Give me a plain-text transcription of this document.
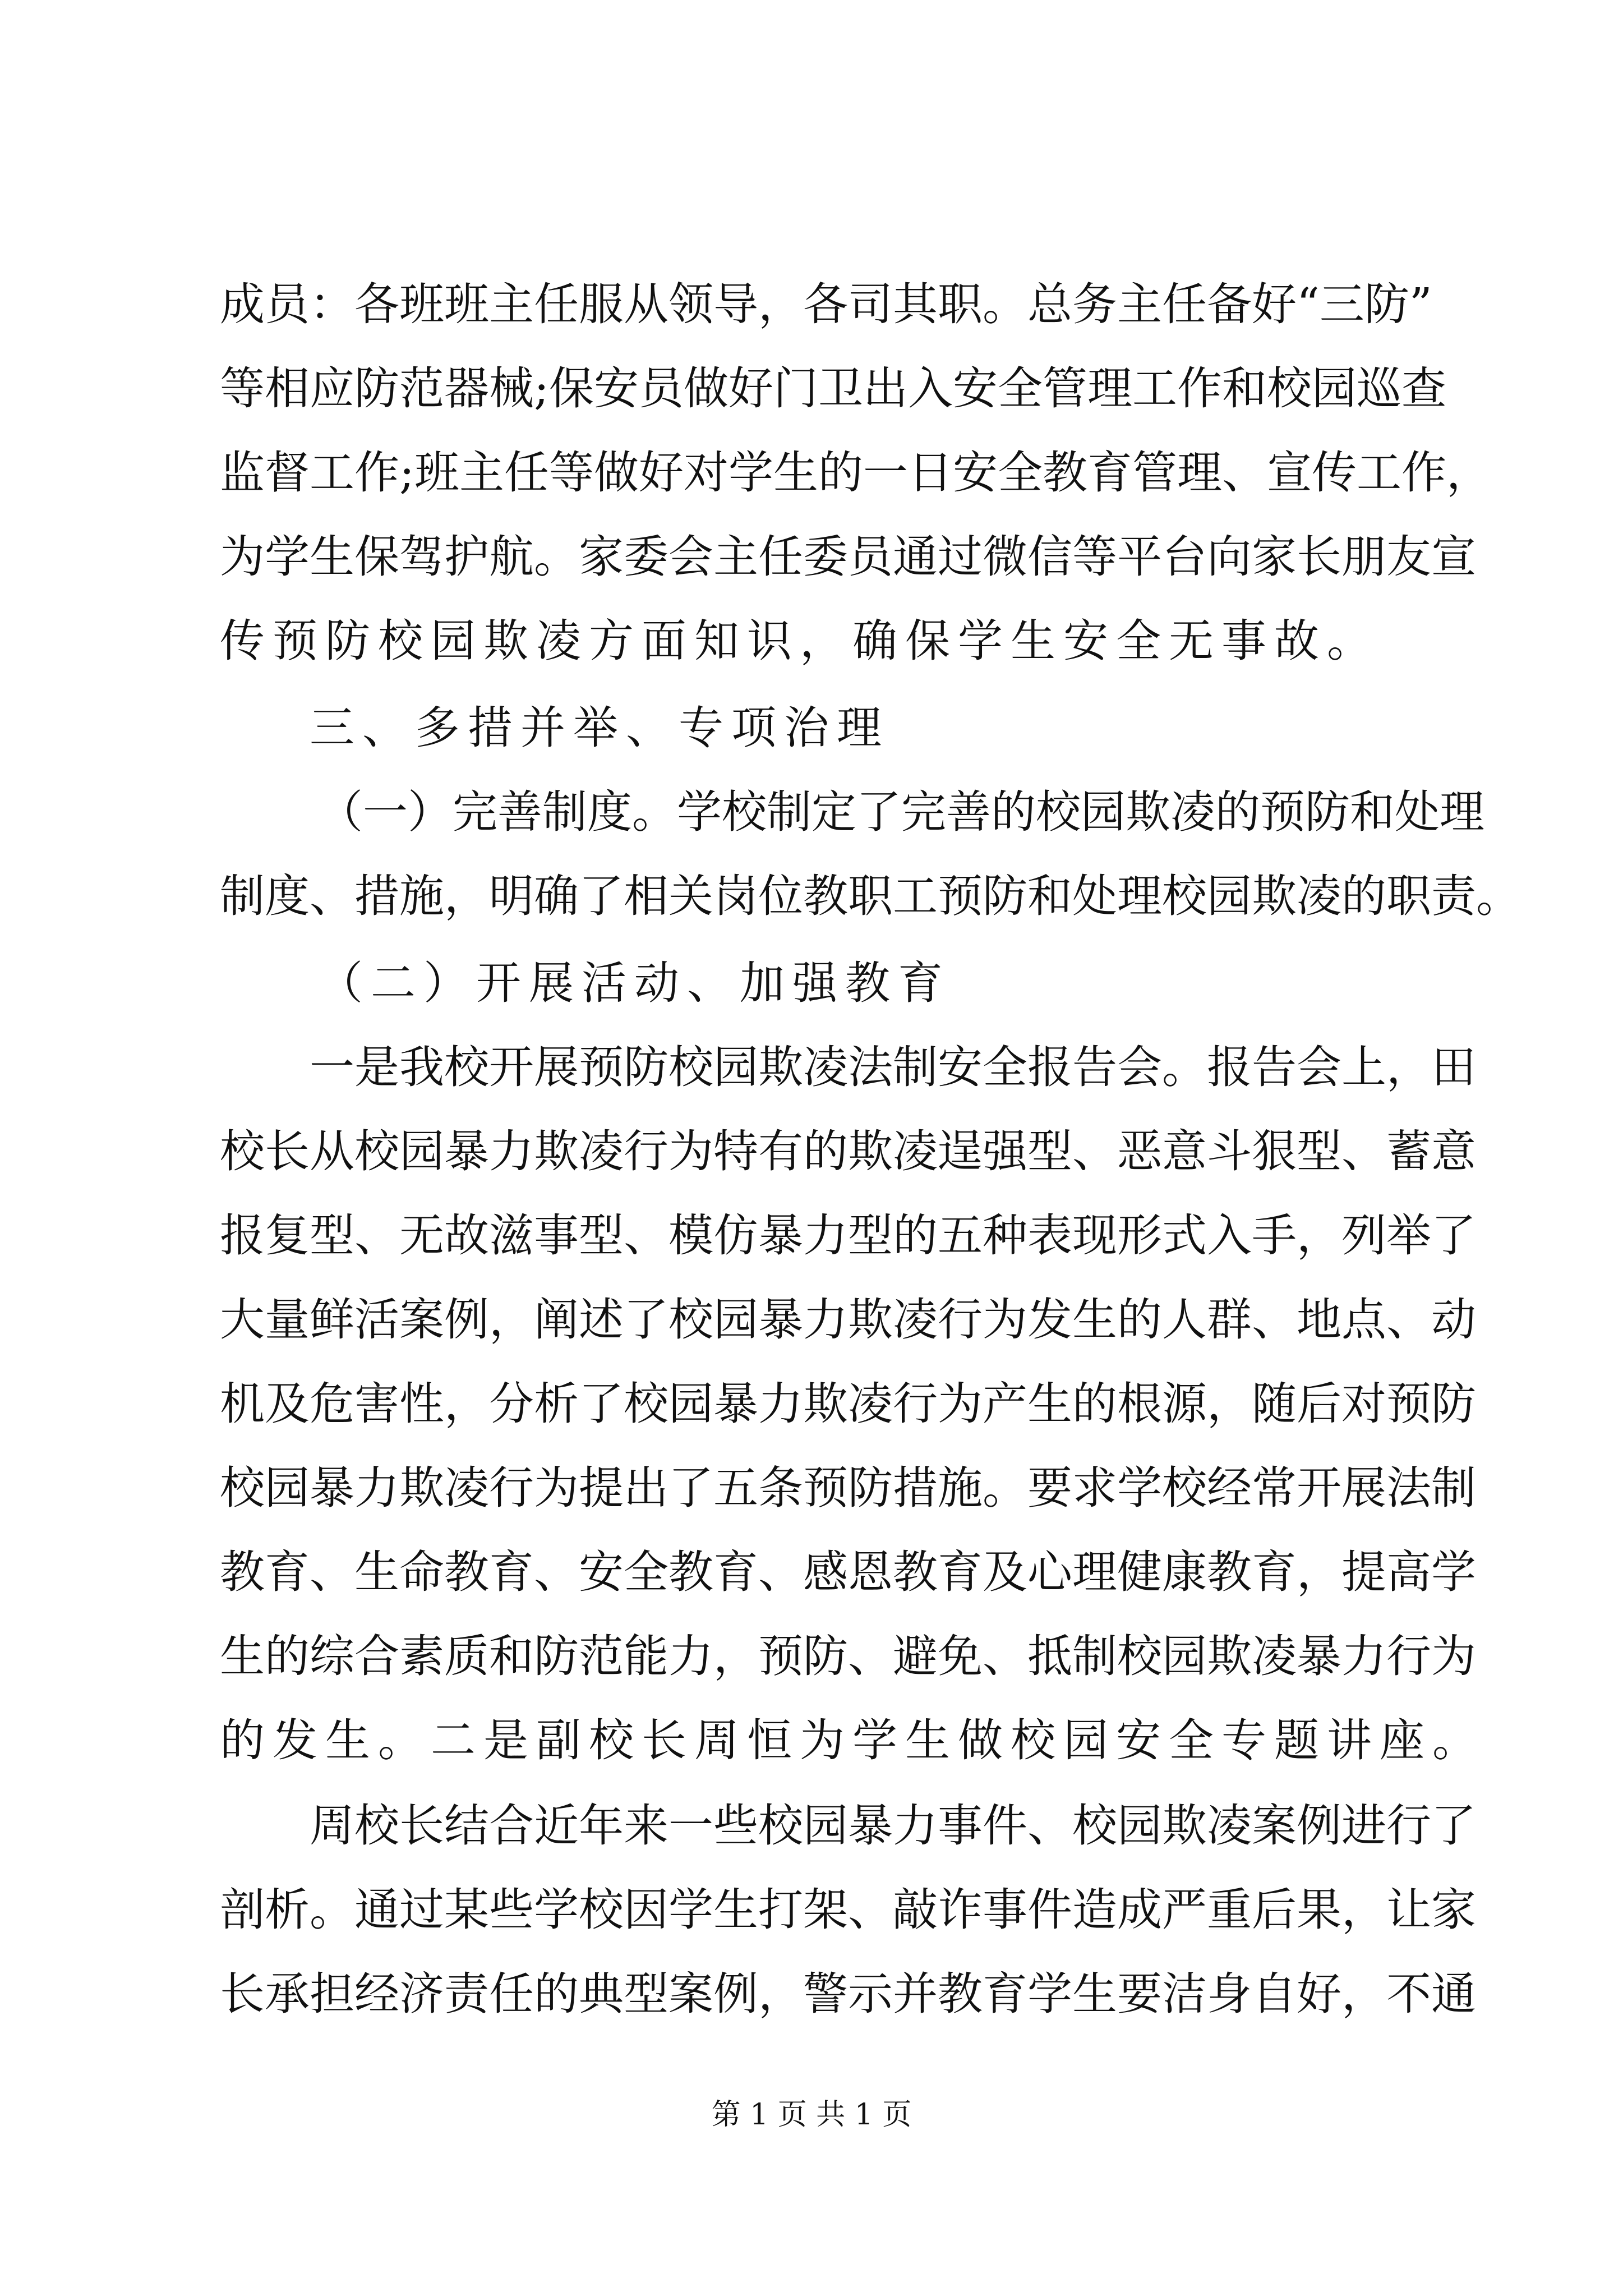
成员：各班班主任服从领导，各司其职。总务主任备好“三防”
等相应防范器械;保安员做好门卫出入安全管理工作和校园巡查
监督工作;班主任等做好对学生的一日安全教育管理、宣传工作，
为学生保驾护航。家委会主任委员通过微信等平台向家长朋友宣
传预防校园欺凌方面知识，确保学生安全无事故。
三、多措并举、专项治理
（一）完善制度。学校制定了完善的校园欺凌的预防和处理
制度、措施，明确了相关岗位教职工预防和处理校园欺凌的职责。
（二）开展活动、加强教育
一是我校开展预防校园欺凌法制安全报告会。报告会上，田
校长从校园暴力欺凌行为特有的欺凌逞强型、恶意斗狠型、蓄意
报复型、无故滋事型、模仿暴力型的五种表现形式入手，列举了
大量鲜活案例，阐述了校园暴力欺凌行为发生的人群、地点、动
机及危害性，分析了校园暴力欺凌行为产生的根源，随后对预防
校园暴力欺凌行为提出了五条预防措施。要求学校经常开展法制
教育、生命教育、安全教育、感恩教育及心理健康教育，提高学
生的综合素质和防范能力，预防、避免、抵制校园欺凌暴力行为
的发生。二是副校长周恒为学生做校园安全专题讲座。
周校长结合近年来一些校园暴力事件、校园欺凌案例进行了
剖析。通过某些学校因学生打架、敲诈事件造成严重后果，让家
长承担经济责任的典型案例，警示并教育学生要洁身自好，不通
第 1 页 共 1 页
